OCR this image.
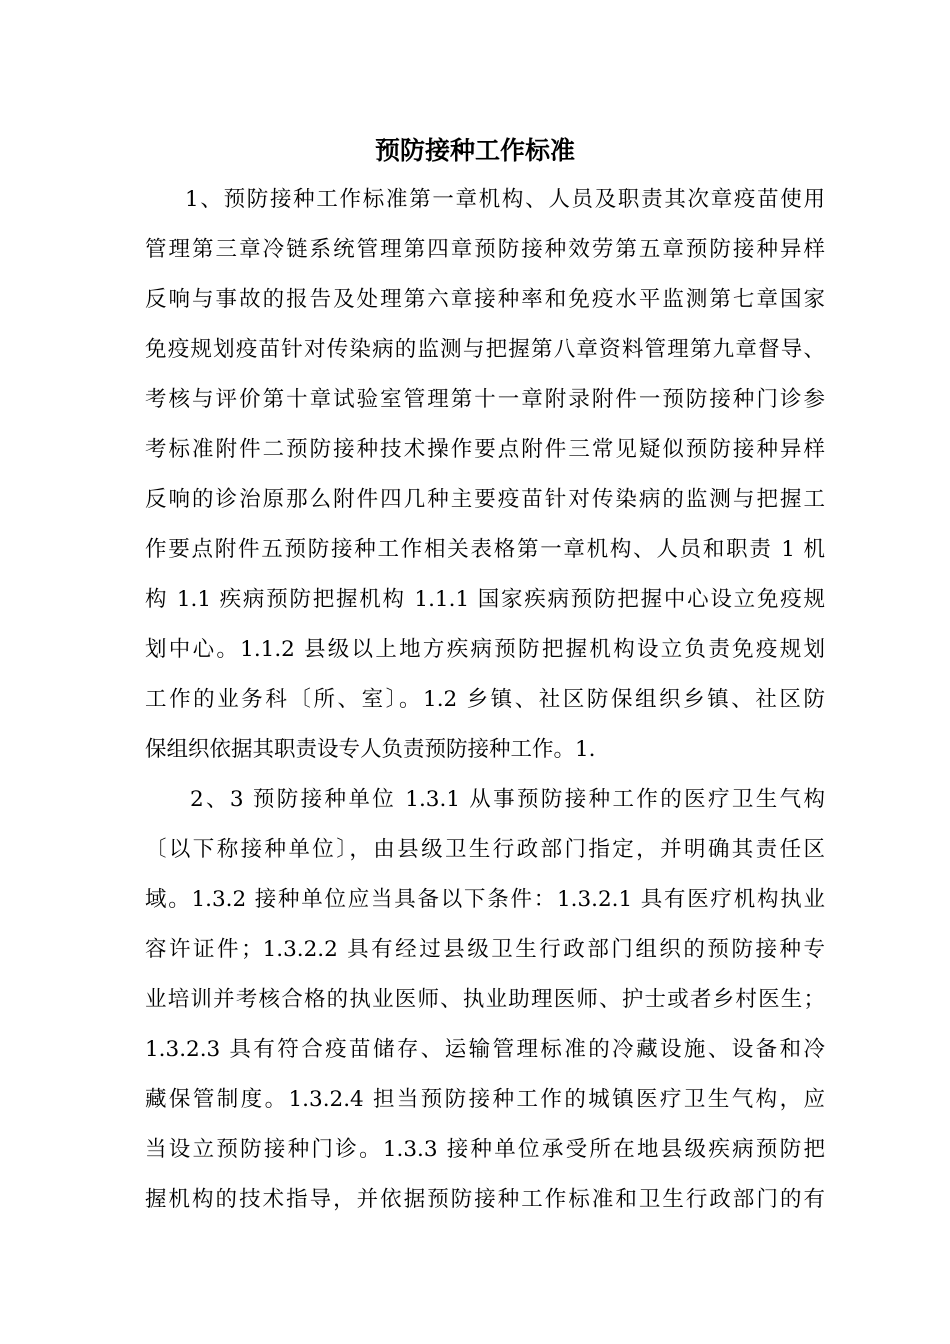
预防接种工作标准
1、预防接种工作标准第一章机构、人员及职责其次章疫苗使用
管理第三章冷链系统管理第四章预防接种效劳第五章预防接种异样
反响与事故的报告及处理第六章接种率和免疫水平监测第七章国家
免疫规划疫苗针对传染病的监测与把握第八章资料管理第九章督导、
考核与评价第十章试验室管理第十一章附录附件一预防接种门诊参
考标准附件二预防接种技术操作要点附件三常见疑似预防接种异样
反响的诊治原那么附件四几种主要疫苗针对传染病的监测与把握工
作要点附件五预防接种工作相关表格第一章机构、人员和职责 1 机
构 1.1 疾病预防把握机构 1.1.1 国家疾病预防把握中心设立免疫规
划中心。1.1.2 县级以上地方疾病预防把握机构设立负责免疫规划
工作的业务科〔所、室〕。1.2 乡镇、社区防保组织乡镇、社区防
保组织依据其职责设专人负责预防接种工作。1.
2、3 预防接种单位 1.3.1 从事预防接种工作的医疗卫生气构
〔以下称接种单位〕，由县级卫生行政部门指定，并明确其责任区
域。1.3.2 接种单位应当具备以下条件：1.3.2.1 具有医疗机构执业
容许证件；1.3.2.2 具有经过县级卫生行政部门组织的预防接种专
业培训并考核合格的执业医师、执业助理医师、护士或者乡村医生；
1.3.2.3 具有符合疫苗储存、运输管理标准的冷藏设施、设备和冷
藏保管制度。1.3.2.4 担当预防接种工作的城镇医疗卫生气构，应
当设立预防接种门诊。1.3.3 接种单位承受所在地县级疾病预防把
握机构的技术指导，并依据预防接种工作标准和卫生行政部门的有
